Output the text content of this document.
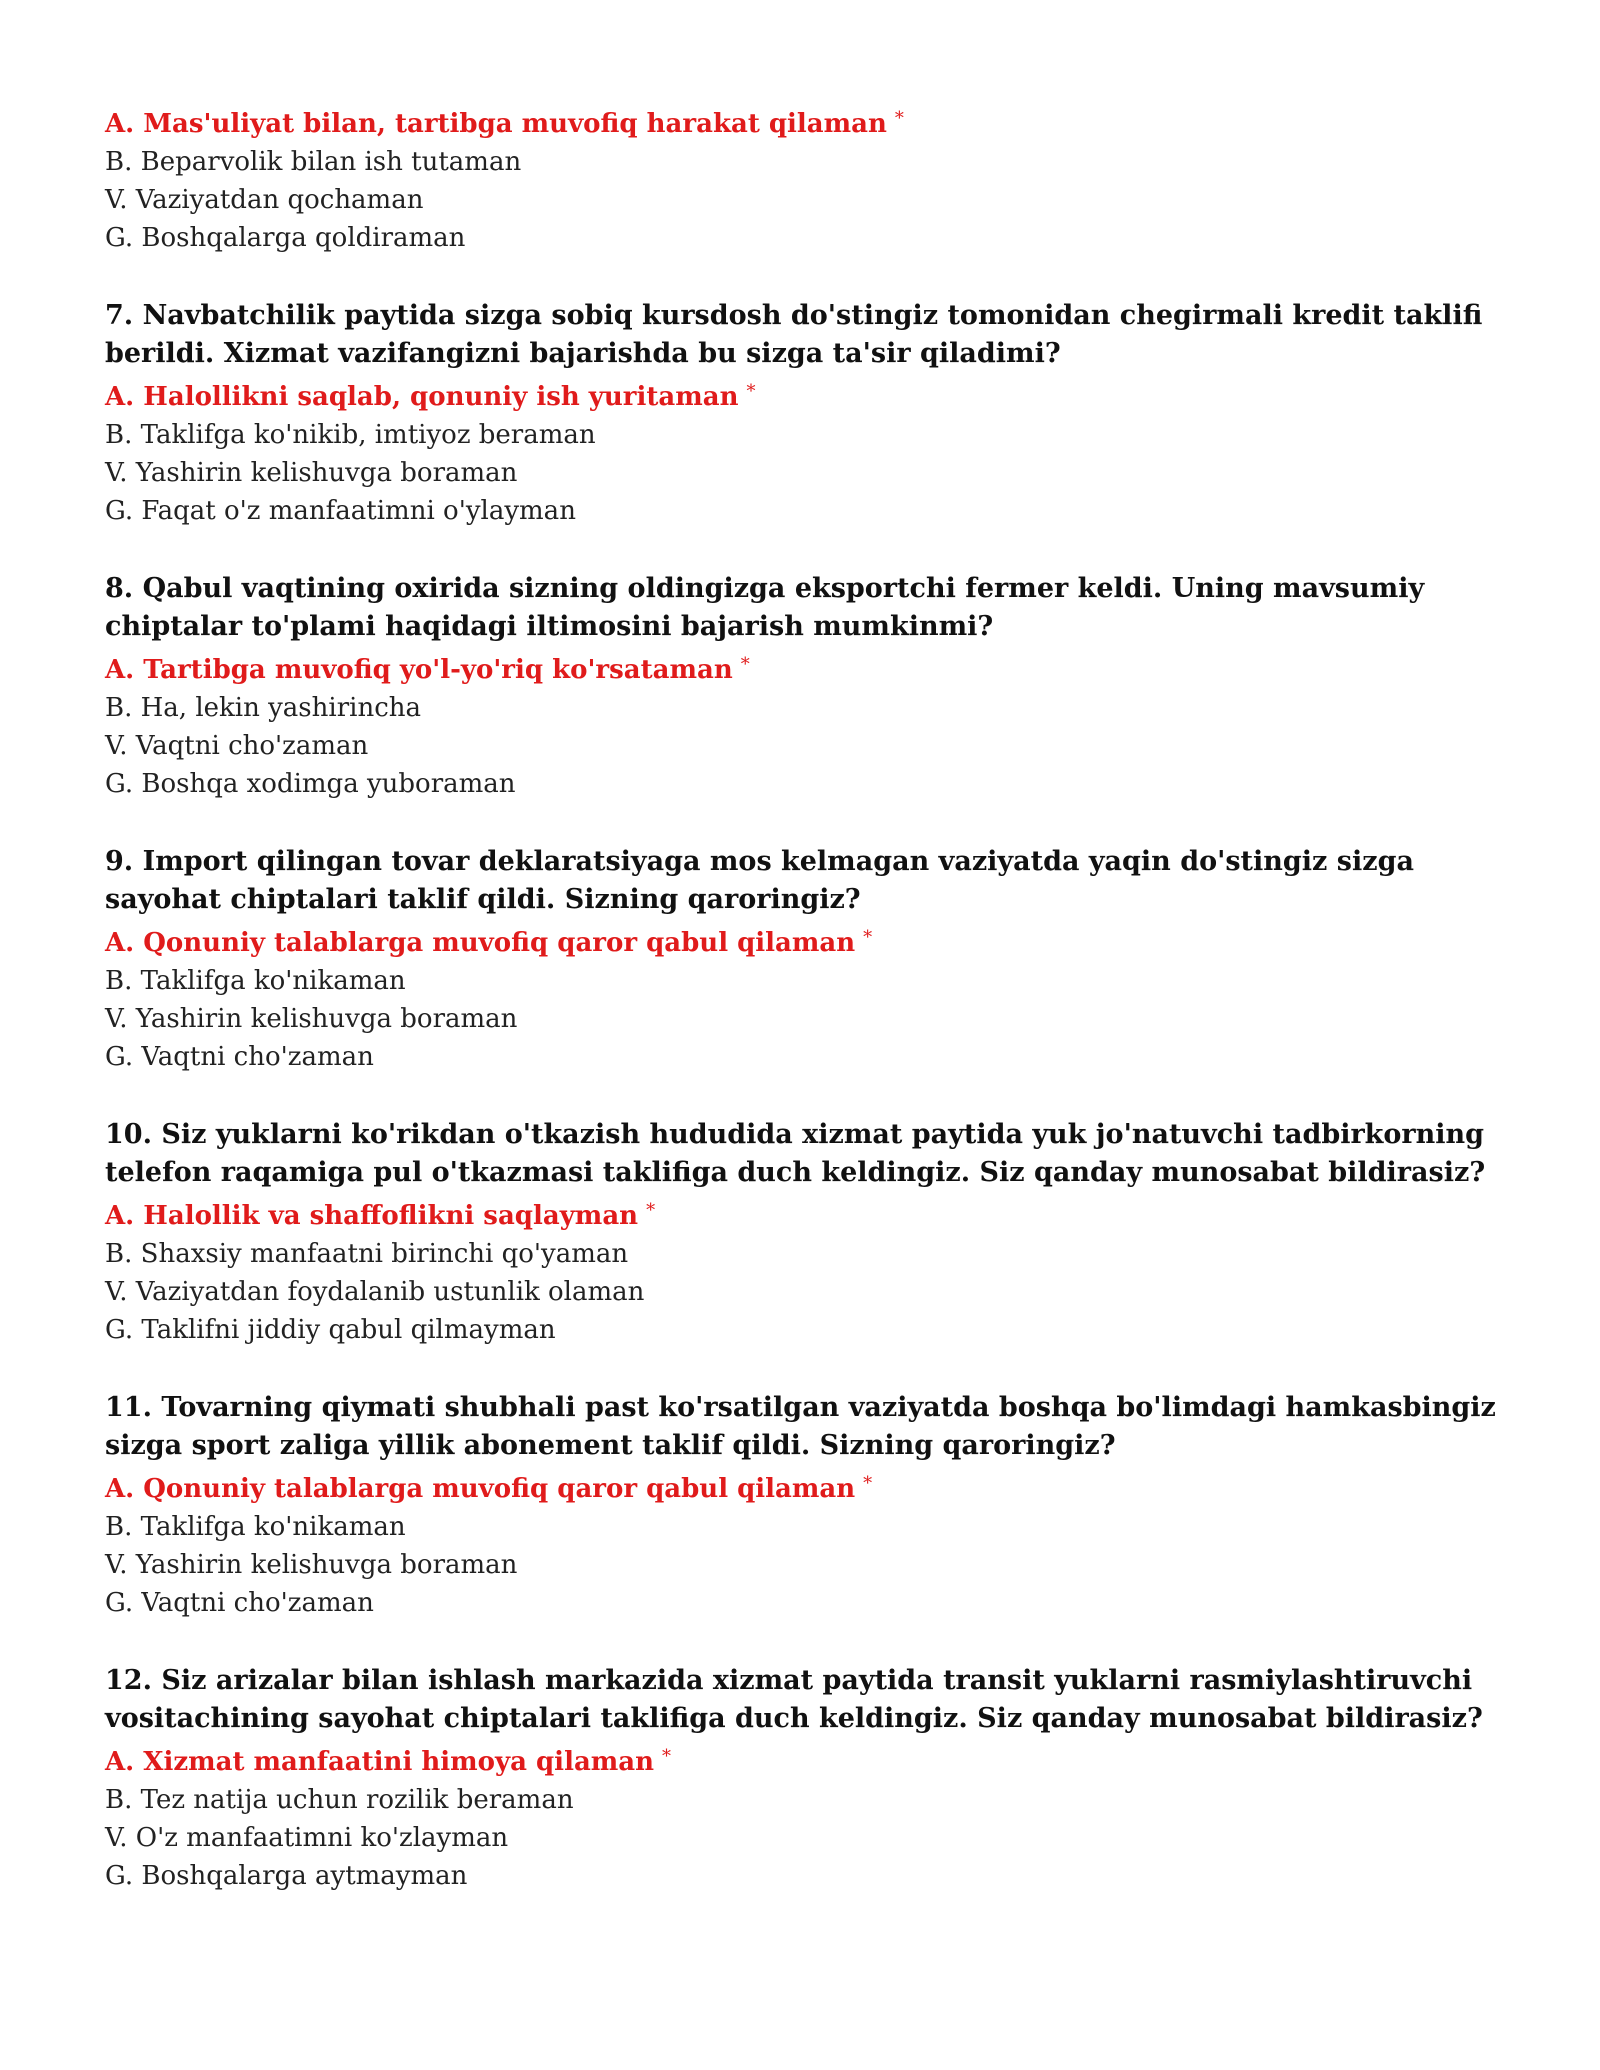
A. Mas'uliyat bilan, tartibga muvofiq harakat qilaman *

B. Beparvolik bilan ish tutaman

V. Vaziyatdan qochaman

G. Boshqalarga qoldiraman

7. Navbatchilik paytida sizga sobiq kursdosh do'stingiz tomonidan chegirmali kredit taklifi berildi. Xizmat vazifangizni bajarishda bu sizga ta'sir qiladimi?

A. Halollikni saqlab, qonuniy ish yuritaman *

B. Taklifga ko'nikib, imtiyoz beraman

V. Yashirin kelishuvga boraman

G. Faqat o'z manfaatimni o'ylayman

8. Qabul vaqtining oxirida sizning oldingizga eksportchi fermer keldi. Uning mavsumiy chiptalar to'plami haqidagi iltimosini bajarish mumkinmi?

A. Tartibga muvofiq yo'l-yo'riq ko'rsataman *

B. Ha, lekin yashirincha

V. Vaqtni cho'zaman

G. Boshqa xodimga yuboraman

9. Import qilingan tovar deklaratsiyaga mos kelmagan vaziyatda yaqin do'stingiz sizga sayohat chiptalari taklif qildi. Sizning qaroringiz?

A. Qonuniy talablarga muvofiq qaror qabul qilaman *

B. Taklifga ko'nikaman

V. Yashirin kelishuvga boraman

G. Vaqtni cho'zaman

10. Siz yuklarni ko'rikdan o'tkazish hududida xizmat paytida yuk jo'natuvchi tadbirkorning telefon raqamiga pul o'tkazmasi taklifiga duch keldingiz. Siz qanday munosabat bildirasiz?

A. Halollik va shaffoflikni saqlayman *

B. Shaxsiy manfaatni birinchi qo'yaman

V. Vaziyatdan foydalanib ustunlik olaman

G. Taklifni jiddiy qabul qilmayman

11. Tovarning qiymati shubhali past ko'rsatilgan vaziyatda boshqa bo'limdagi hamkasbingiz sizga sport zaliga yillik abonement taklif qildi. Sizning qaroringiz?

A. Qonuniy talablarga muvofiq qaror qabul qilaman *

B. Taklifga ko'nikaman

V. Yashirin kelishuvga boraman

G. Vaqtni cho'zaman

12. Siz arizalar bilan ishlash markazida xizmat paytida transit yuklarni rasmiylashtiruvchi vositachining sayohat chiptalari taklifiga duch keldingiz. Siz qanday munosabat bildirasiz?

A. Xizmat manfaatini himoya qilaman *

B. Tez natija uchun rozilik beraman

V. O'z manfaatimni ko'zlayman

G. Boshqalarga aytmayman
